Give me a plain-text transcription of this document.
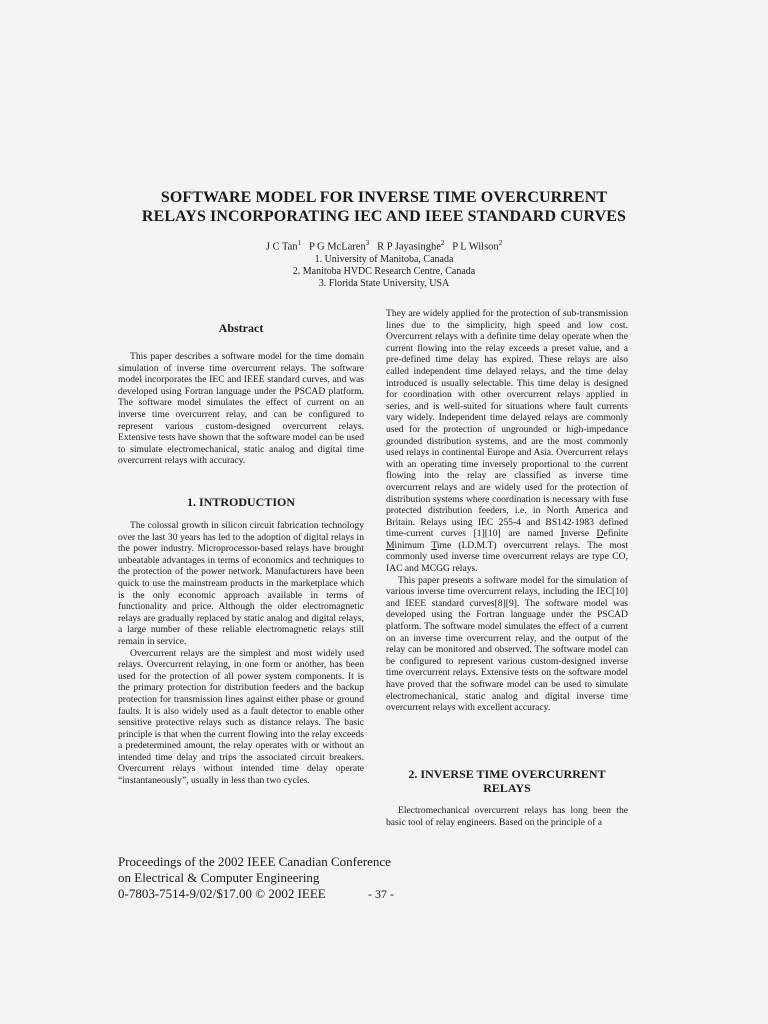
SOFTWARE MODEL FOR INVERSE TIME OVERCURRENT
RELAYS INCORPORATING IEC AND IEEE STANDARD CURVES
J C Tan$^1$ P G McLaren$^3$ R P Jayasinghe$^2$ P L Wilson$^2$
1. University of Manitoba, Canada
2. Manitoba HVDC Research Centre, Canada
3. Florida State University, USA
Abstract

This paper describes a software model for the time domain simulation of inverse time overcurrent relays. The software model incorporates the IEC and IEEE standard curves, and was developed using Fortran language under the PSCAD platform. The software model simulates the effect of current on an inverse time overcurrent relay, and can be configured to represent various custom-designed overcurrent relays. Extensive tests have shown that the software model can be used to simulate electromechanical, static analog and digital time overcurrent relays with accuracy.

1. INTRODUCTION

The colossal growth in silicon circuit fabrication technology over the last 30 years has led to the adoption of digital relays in the power industry. Microprocessor-based relays have brought unbeatable advantages in terms of economics and techniques to the protection of the power network. Manufacturers have been quick to use the mainstream products in the marketplace which is the only economic approach available in terms of functionality and price. Although the older electromagnetic relays are gradually replaced by static analog and digital relays, a large number of these reliable electromagnetic relays still remain in service.

Overcurrent relays are the simplest and most widely used relays. Overcurrent relaying, in one form or another, has been used for the protection of all power system components. It is the primary protection for distribution feeders and the backup protection for transmission lines against either phase or ground faults. It is also widely used as a fault detector to enable other sensitive protective relays such as distance relays. The basic principle is that when the current flowing into the relay exceeds a predetermined amount, the relay operates with or without an intended time delay and trips the associated circuit breakers. Overcurrent relays without intended time delay operate “instantaneously”, usually in less than two cycles.

They are widely applied for the protection of sub-transmission lines due to the simplicity, high speed and low cost. Overcurrent relays with a definite time delay operate when the current flowing into the relay exceeds a preset value, and a pre-defined time delay has expired. These relays are also called independent time delayed relays, and the time delay introduced is usually selectable. This time delay is designed for coordination with other overcurrent relays applied in series, and is well-suited for situations where fault currents vary widely. Independent time delayed relays are commonly used for the protection of ungrounded or high-impedance grounded distribution systems, and are the most commonly used relays in continental Europe and Asia. Overcurrent relays with an operating time inversely proportional to the current flowing into the relay are classified as inverse time overcurrent relays and are widely used for the protection of distribution systems where coordination is necessary with fuse protected distribution feeders, i.e. in North America and Britain. Relays using IEC 255-4 and BS142-1983 defined time-current curves [1][10] are named Inverse Definite Minimum Time (I.D.M.T) overcurrent relays. The most commonly used inverse time overcurrent relays are type CO, IAC and MCGG relays.

This paper presents a software model for the simulation of various inverse time overcurrent relays, including the IEC[10] and IEEE standard curves[8][9]. The software model was developed using the Fortran language under the PSCAD platform. The software model simulates the effect of a current on an inverse time overcurrent relay, and the output of the relay can be monitored and observed. The software model can be configured to represent various custom-designed inverse time overcurrent relays. Extensive tests on the software model have proved that the software model can be used to simulate electromechanical, static analog and digital inverse time overcurrent relays with excellent accuracy.

2. INVERSE TIME OVERCURRENT
RELAYS

Electromechanical overcurrent relays has long been the basic tool of relay engineers. Based on the principle of a

Proceedings of the 2002 IEEE Canadian Conference
on Electrical & Computer Engineering
0-7803-7514-9/02/$17.00 © 2002 IEEE	- 37 -
